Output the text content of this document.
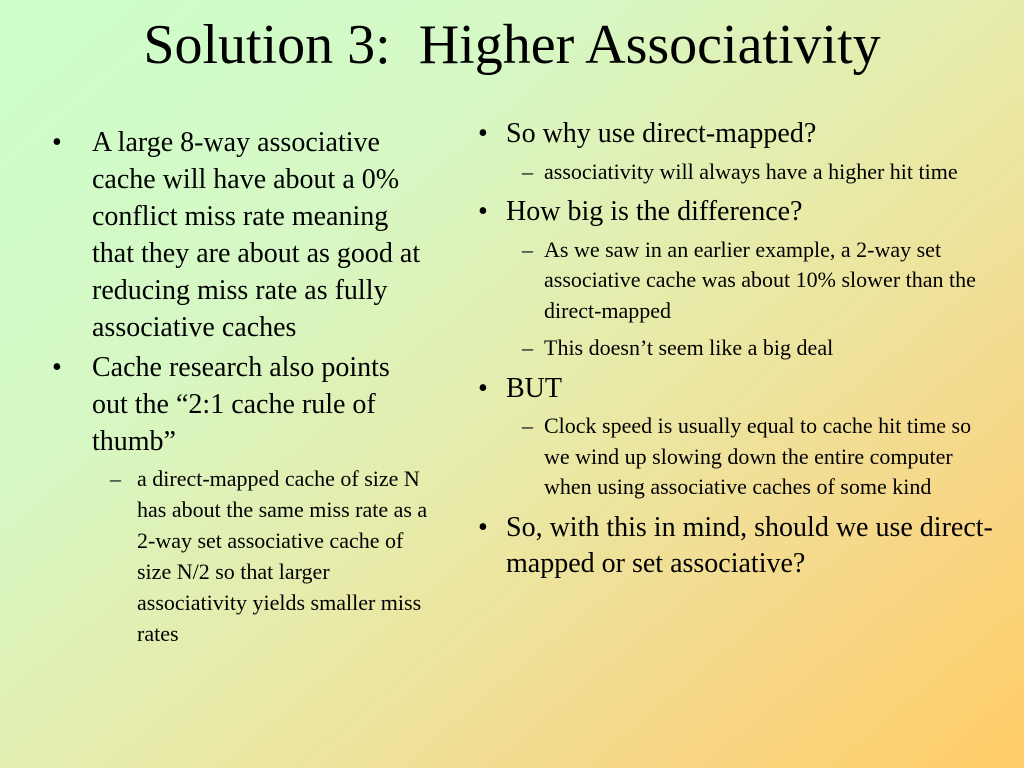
Solution 3:  Higher Associativity
• A large 8-way associative cache will have about a 0% conflict miss rate meaning that they are about as good at reducing miss rate as fully associative caches
• Cache research also points out the “2:1 cache rule of thumb”
– a direct-mapped cache of size N has about the same miss rate as a 2-way set associative cache of size N/2 so that larger associativity yields smaller miss rates
• So why use direct-mapped?
– associativity will always have a higher hit time
• How big is the difference?
– As we saw in an earlier example, a 2-way set associative cache was about 10% slower than the direct-mapped
– This doesn’t seem like a big deal
• BUT
– Clock speed is usually equal to cache hit time so we wind up slowing down the entire computer when using associative caches of some kind
• So, with this in mind, should we use direct-mapped or set associative?
